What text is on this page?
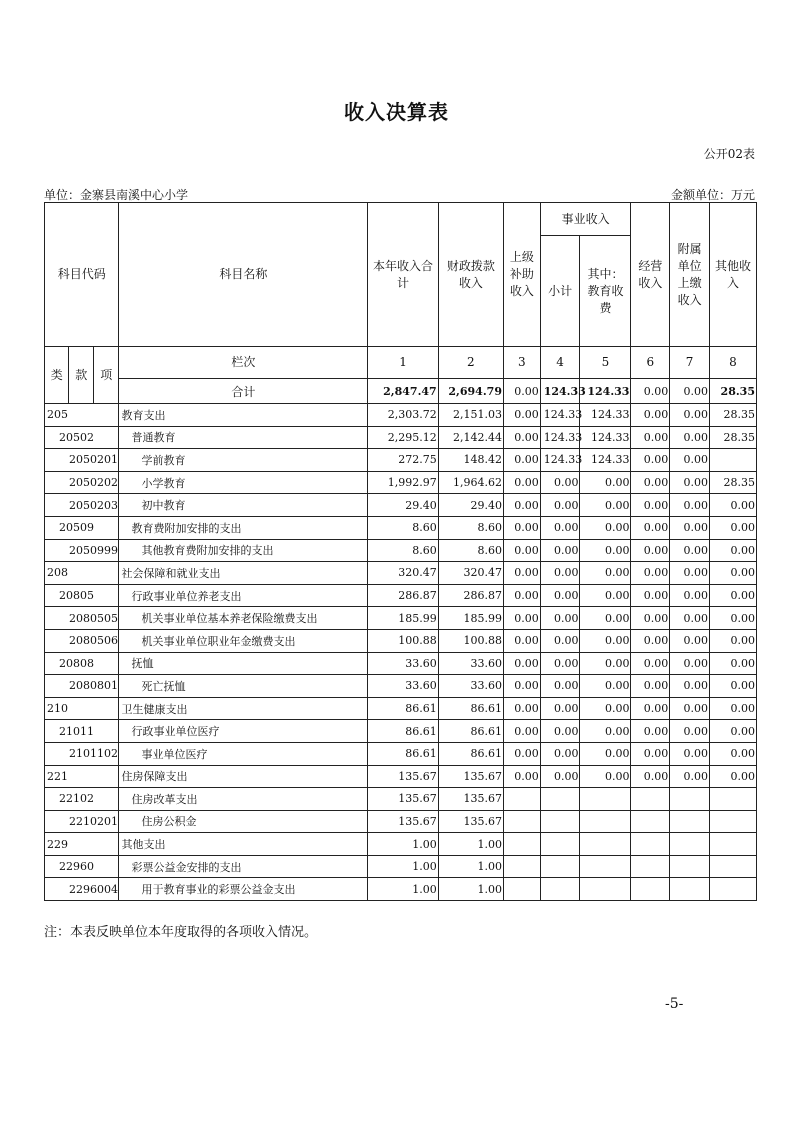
收入决算表
公开02表
单位：金寨县南溪中心小学	金额单位：万元
科目代码			科目名称	本年收入合计	财政拨款收入	上级补助收入	事业收入		经营收入	附属单位上缴收入	其他收入
							小计	其中：教育收费			
类	款	项	栏次	1	2	3	4	5	6	7	8
			合计	2,847.47	2,694.79	0.00	124.33	124.33	0.00	0.00	28.35
205			教育支出	2,303.72	2,151.03	0.00	124.33	124.33	0.00	0.00	28.35
20502			普通教育	2,295.12	2,142.44	0.00	124.33	124.33	0.00	0.00	28.35
2050201			学前教育	272.75	148.42	0.00	124.33	124.33	0.00	0.00	
2050202			小学教育	1,992.97	1,964.62	0.00	0.00	0.00	0.00	0.00	28.35
2050203			初中教育	29.40	29.40	0.00	0.00	0.00	0.00	0.00	0.00
20509			教育费附加安排的支出	8.60	8.60	0.00	0.00	0.00	0.00	0.00	0.00
2050999			其他教育费附加安排的支出	8.60	8.60	0.00	0.00	0.00	0.00	0.00	0.00
208			社会保障和就业支出	320.47	320.47	0.00	0.00	0.00	0.00	0.00	0.00
20805			行政事业单位养老支出	286.87	286.87	0.00	0.00	0.00	0.00	0.00	0.00
2080505			机关事业单位基本养老保险缴费支出	185.99	185.99	0.00	0.00	0.00	0.00	0.00	0.00
2080506			机关事业单位职业年金缴费支出	100.88	100.88	0.00	0.00	0.00	0.00	0.00	0.00
20808			抚恤	33.60	33.60	0.00	0.00	0.00	0.00	0.00	0.00
2080801			死亡抚恤	33.60	33.60	0.00	0.00	0.00	0.00	0.00	0.00
210			卫生健康支出	86.61	86.61	0.00	0.00	0.00	0.00	0.00	0.00
21011			行政事业单位医疗	86.61	86.61	0.00	0.00	0.00	0.00	0.00	0.00
2101102			事业单位医疗	86.61	86.61	0.00	0.00	0.00	0.00	0.00	0.00
221			住房保障支出	135.67	135.67	0.00	0.00	0.00	0.00	0.00	0.00
22102			住房改革支出	135.67	135.67						
2210201			住房公积金	135.67	135.67						
229			其他支出	1.00	1.00						
22960			彩票公益金安排的支出	1.00	1.00						
2296004			用于教育事业的彩票公益金支出	1.00	1.00						
注：本表反映单位本年度取得的各项收入情况。
-5-
